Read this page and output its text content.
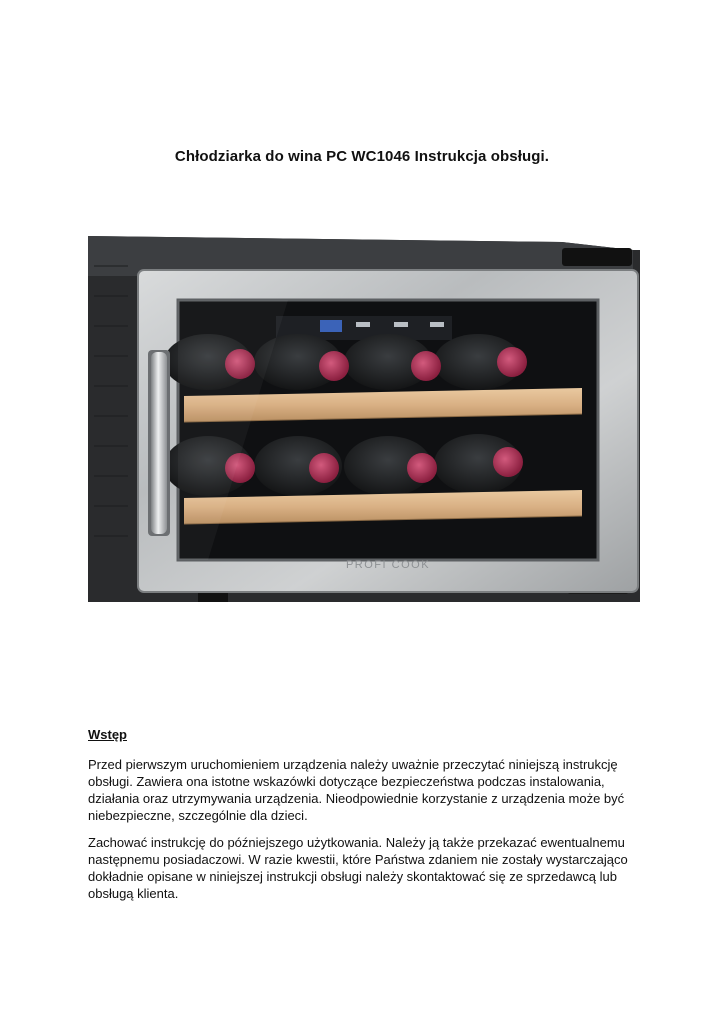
Chłodziarka do wina PC WC1046 Instrukcja obsługi.
PROFI COOK
Wstęp

Przed pierwszym uruchomieniem urządzenia należy uważnie przeczytać niniejszą instrukcję obsługi. Zawiera ona istotne wskazówki dotyczące bezpieczeństwa podczas instalowania, działania oraz utrzymywania urządzenia. Nieodpowiednie korzystanie z urządzenia może być niebezpieczne, szczególnie dla dzieci.

Zachować instrukcję do późniejszego użytkowania. Należy ją także przekazać ewentualnemu następnemu posiadaczowi. W razie kwestii, które Państwa zdaniem nie zostały wystarczająco dokładnie opisane w niniejszej instrukcji obsługi należy skontaktować się ze sprzedawcą lub obsługą klienta.
